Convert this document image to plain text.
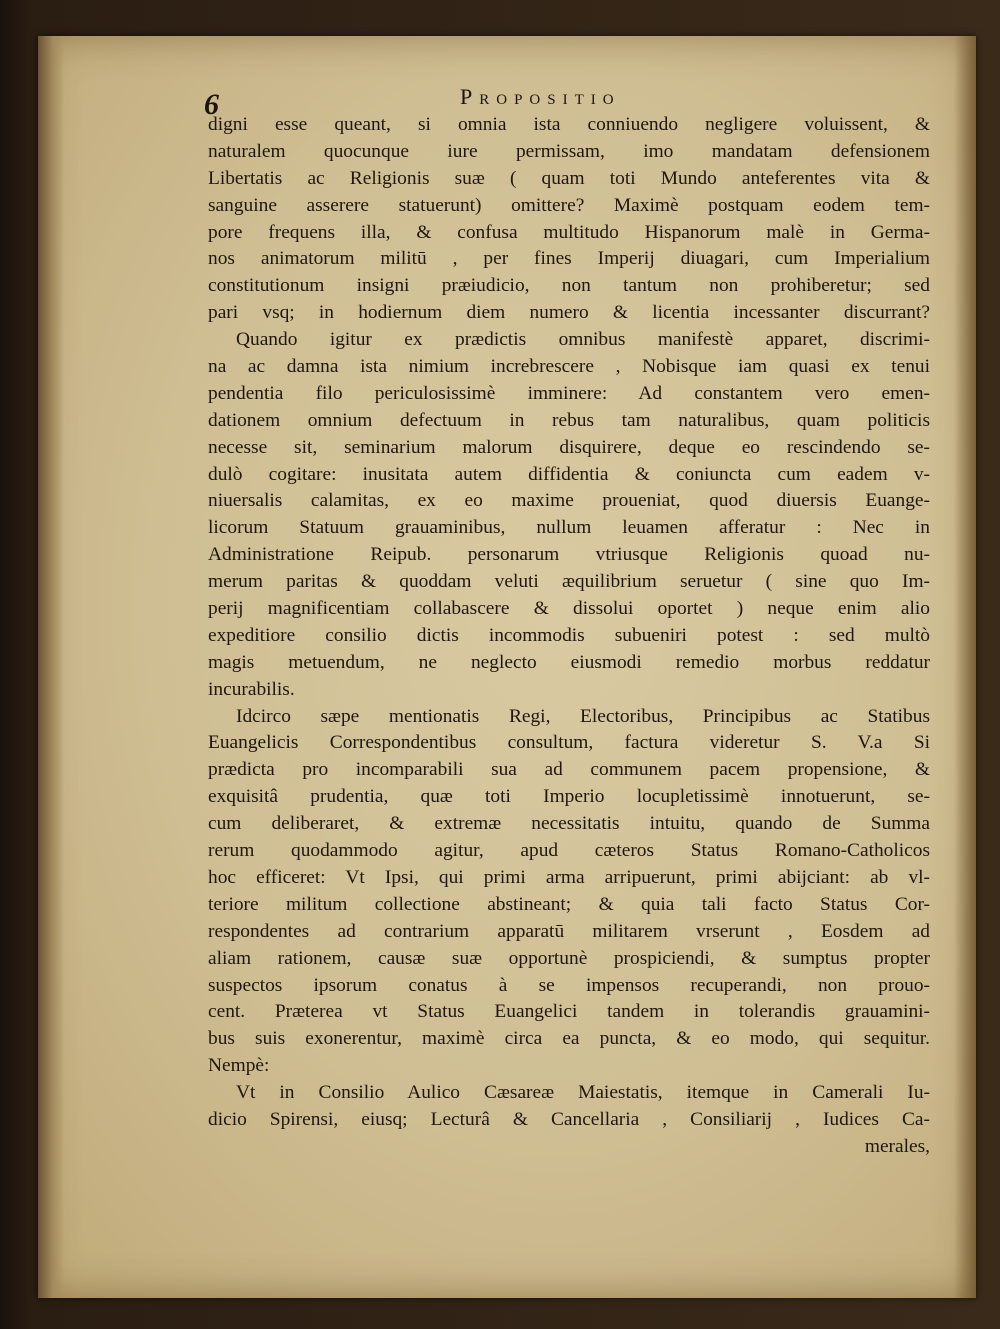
6	Propositio
digni esse queant, si omnia ista conniuendo negligere voluissent, &
naturalem quocunque iure permissam, imo mandatam defensionem
Libertatis ac Religionis suæ ( quam toti Mundo anteferentes vita &
sanguine asserere statuerunt) omittere? Maximè postquam eodem tem-
pore frequens illa, & confusa multitudo Hispanorum malè in Germa-
nos animatorum militū , per fines Imperij diuagari, cum Imperialium
constitutionum insigni præiudicio, non tantum non prohiberetur; sed
pari vsq; in hodiernum diem numero & licentia incessanter discurrant?
Quando igitur ex prædictis omnibus manifestè apparet, discrimi-
na ac damna ista nimium increbrescere , Nobisque iam quasi ex tenui
pendentia filo periculosissimè imminere: Ad constantem vero emen-
dationem omnium defectuum in rebus tam naturalibus, quam politicis
necesse sit, seminarium malorum disquirere, deque eo rescindendo se-
dulò cogitare: inusitata autem diffidentia & coniuncta cum eadem v-
niuersalis calamitas, ex eo maxime proueniat, quod diuersis Euange-
licorum Statuum grauaminibus, nullum leuamen afferatur : Nec in
Administratione Reipub. personarum vtriusque Religionis quoad nu-
merum paritas & quoddam veluti æquilibrium seruetur ( sine quo Im-
perij magnificentiam collabascere & dissolui oportet ) neque enim alio
expeditiore consilio dictis incommodis subueniri potest : sed multò
magis metuendum, ne neglecto eiusmodi remedio morbus reddatur
incurabilis.
Idcirco sæpe mentionatis Regi, Electoribus, Principibus ac Statibus
Euangelicis Correspondentibus consultum, factura videretur S. V.a Si
prædicta pro incomparabili sua ad communem pacem propensione, &
exquisitâ prudentia, quæ toti Imperio locupletissimè innotuerunt, se-
cum deliberaret, & extremæ necessitatis intuitu, quando de Summa
rerum quodammodo agitur, apud cæteros Status Romano-Catholicos
hoc efficeret: Vt Ipsi, qui primi arma arripuerunt, primi abijciant: ab vl-
teriore militum collectione abstineant; & quia tali facto Status Cor-
respondentes ad contrarium apparatū militarem vrserunt , Eosdem ad
aliam rationem, causæ suæ opportunè prospiciendi, & sumptus propter
suspectos ipsorum conatus à se impensos recuperandi, non prouo-
cent. Præterea vt Status Euangelici tandem in tolerandis grauamini-
bus suis exonerentur, maximè circa ea puncta, & eo modo, qui sequitur.
Nempè:
Vt in Consilio Aulico Cæsareæ Maiestatis, itemque in Camerali Iu-
dicio Spirensi, eiusq; Lecturâ & Cancellaria , Consiliarij , Iudices Ca-
merales,
